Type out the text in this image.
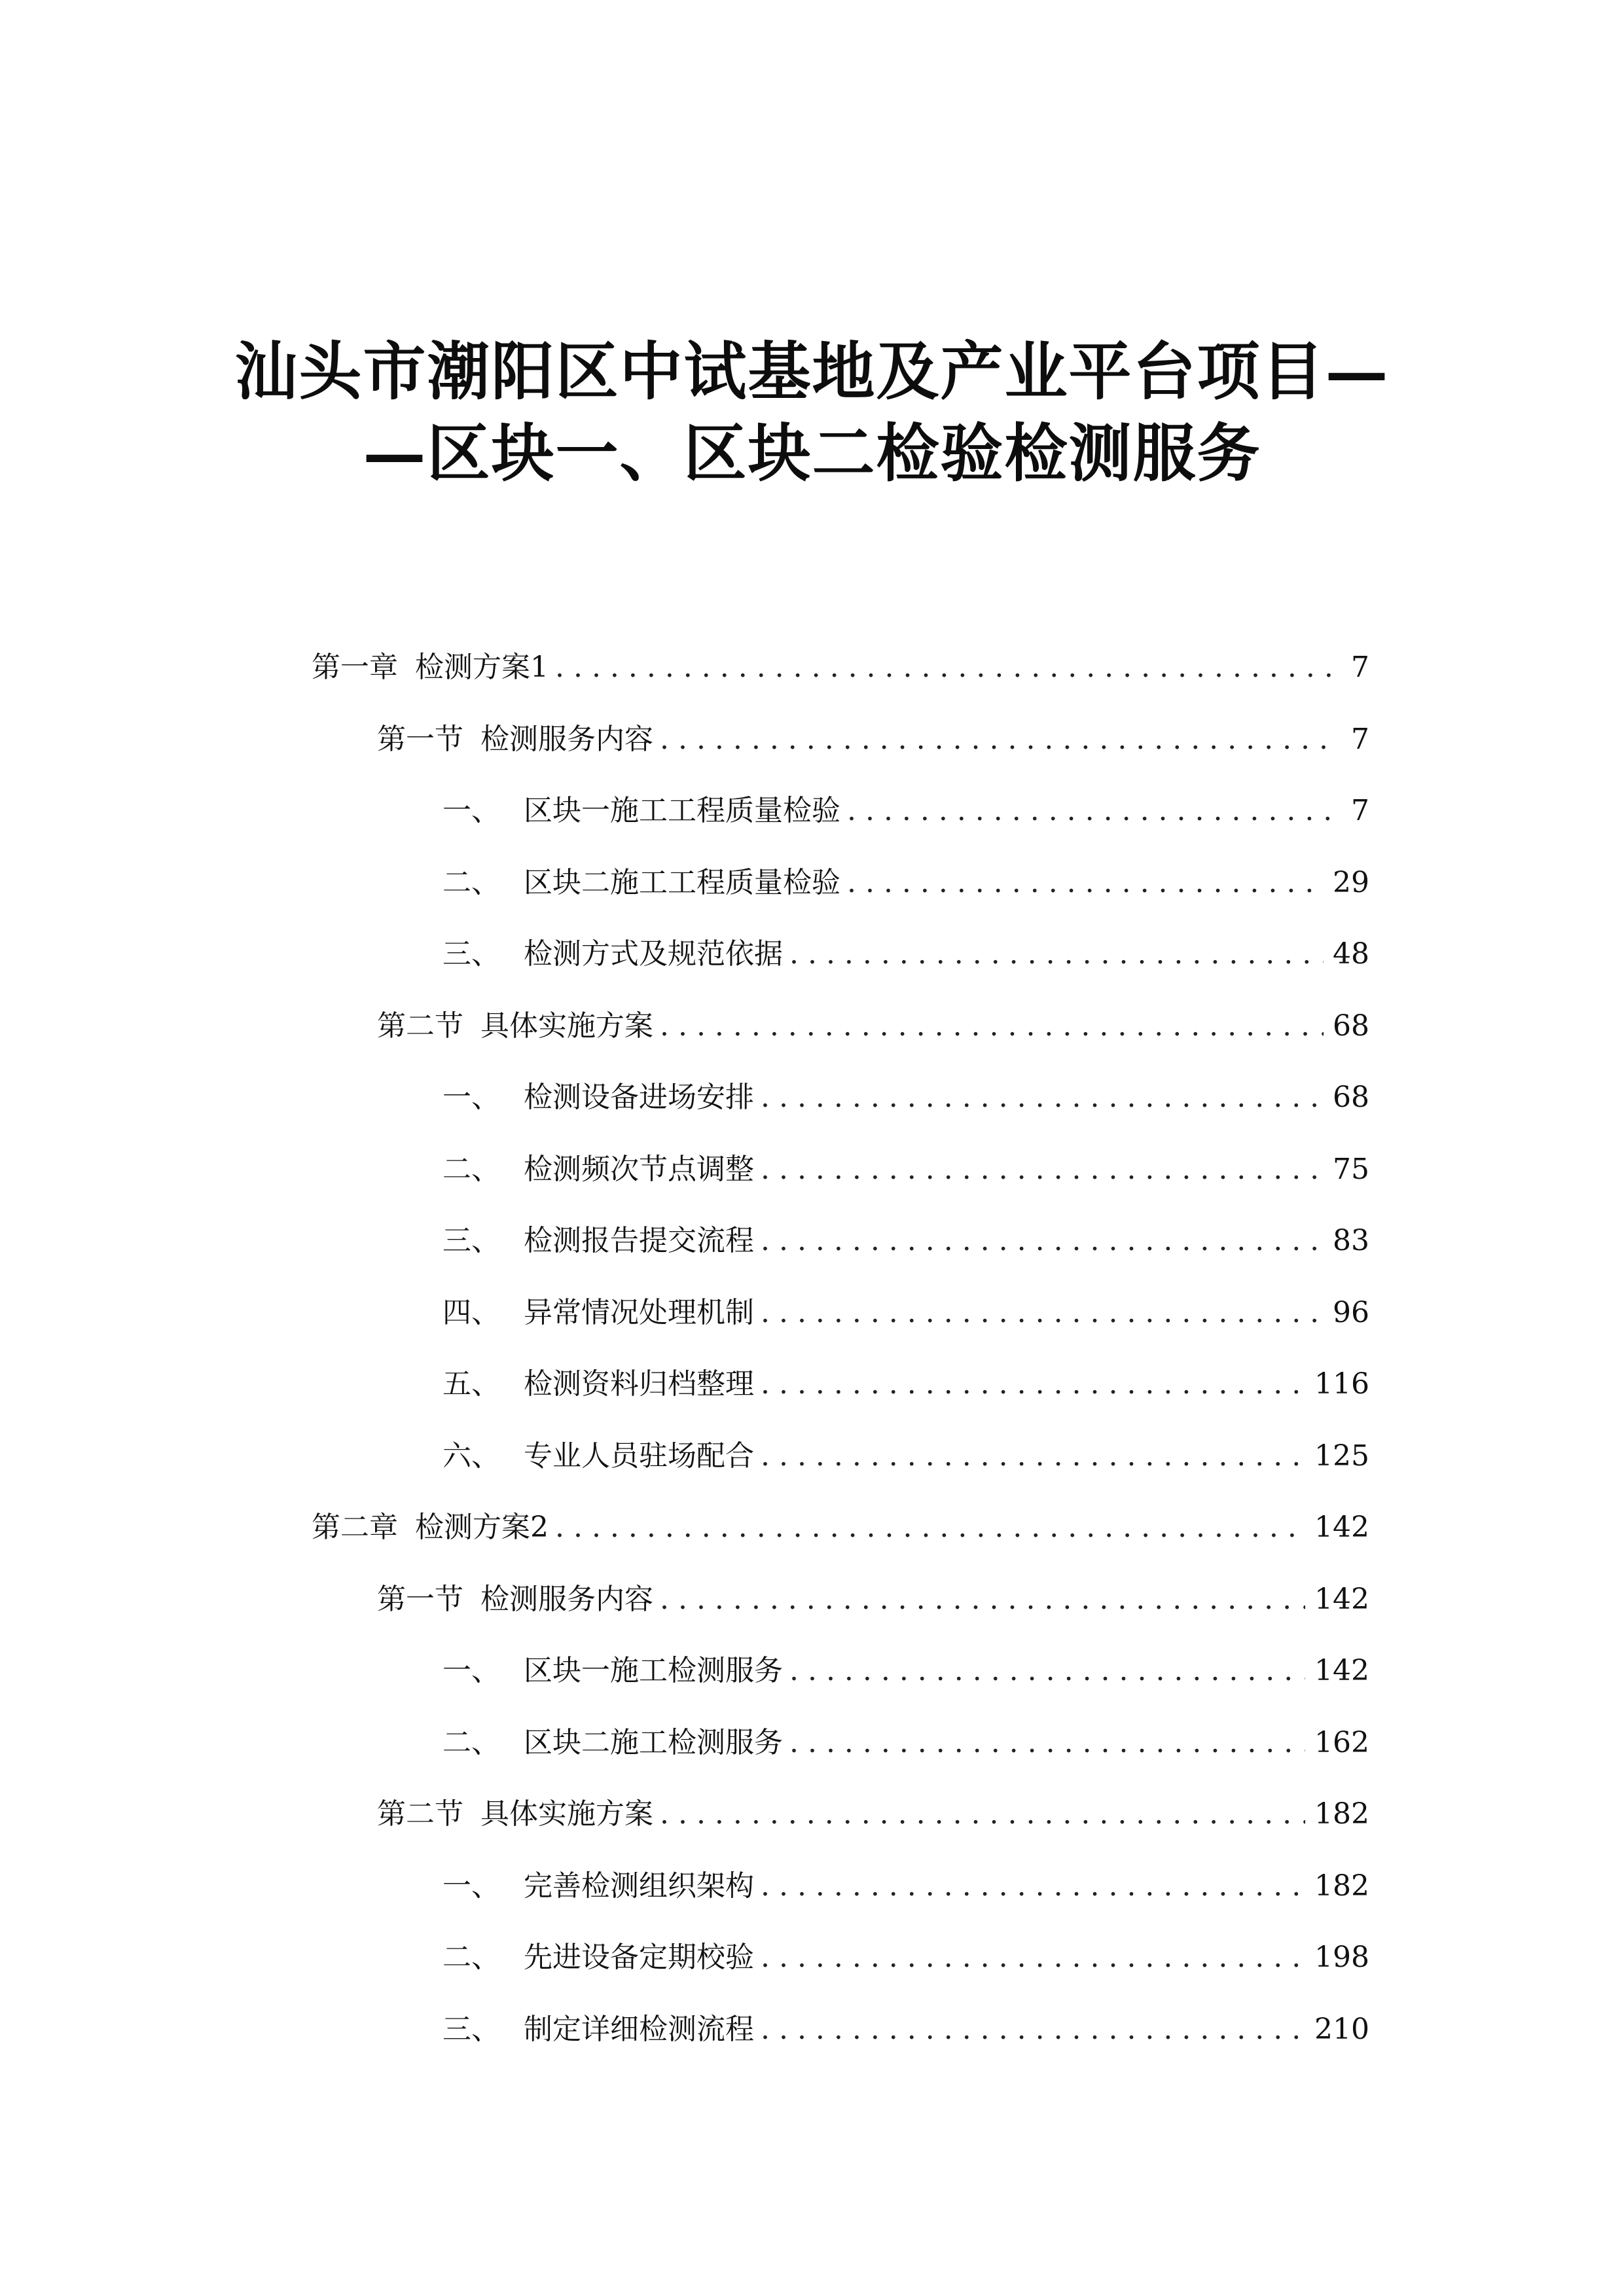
汕头市潮阳区中试基地及产业平台项目—
—区块一、区块二检验检测服务
第一章 检测方案1 . . .	7
第一节 检测服务内容 . . .	7
一、 区块一施工工程质量检验 . . .	7
二、 区块二施工工程质量检验 . . .	29
三、 检测方式及规范依据 . . .	48
第二节 具体实施方案 . . .	68
一、 检测设备进场安排 . . .	68
二、 检测频次节点调整 . . .	75
三、 检测报告提交流程 . . .	83
四、 异常情况处理机制 . . .	96
五、 检测资料归档整理 . . .	116
六、 专业人员驻场配合 . . .	125
第二章 检测方案2 . . .	142
第一节 检测服务内容 . . .	142
一、 区块一施工检测服务 . . .	142
二、 区块二施工检测服务 . . .	162
第二节 具体实施方案 . . .	182
一、 完善检测组织架构 . . .	182
二、 先进设备定期校验 . . .	198
三、 制定详细检测流程 . . .	210
